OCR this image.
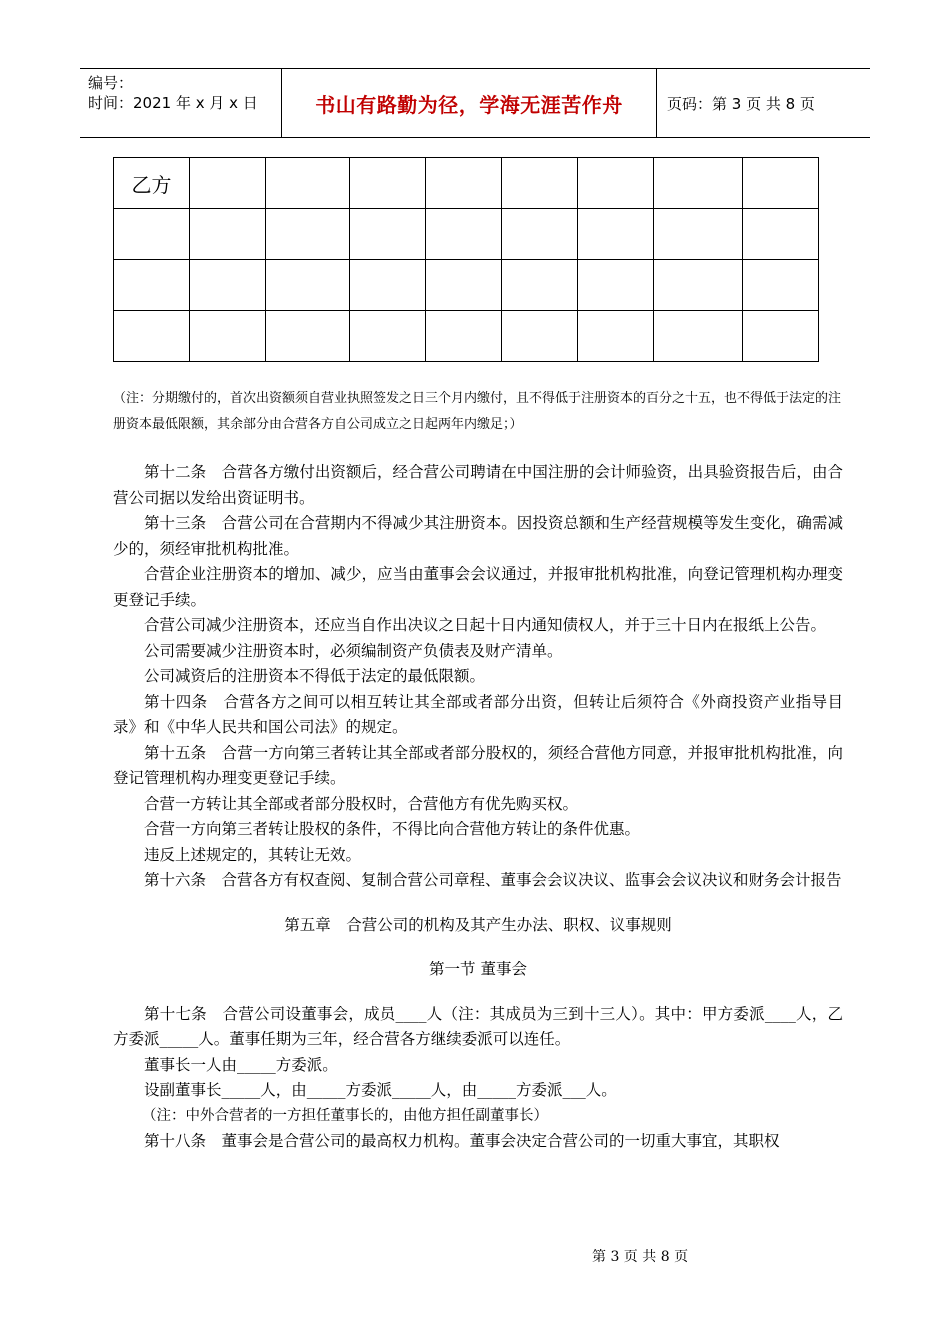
编号：
时间：2021 年 x 月 x 日	书山有路勤为径，学海无涯苦作舟	页码：第 3 页 共 8 页
乙方								

（注：分期缴付的，首次出资额须自营业执照签发之日三个月内缴付，且不得低于注册资本的百分之十五，也不得低于法定的注册资本最低限额，其余部分由合营各方自公司成立之日起两年内缴足；）

第十二条　合营各方缴付出资额后，经合营公司聘请在中国注册的会计师验资，出具验资报告后，由合营公司据以发给出资证明书。

第十三条　合营公司在合营期内不得减少其注册资本。因投资总额和生产经营规模等发生变化，确需减少的，须经审批机构批准。

合营企业注册资本的增加、减少，应当由董事会会议通过，并报审批机构批准，向登记管理机构办理变更登记手续。

合营公司减少注册资本，还应当自作出决议之日起十日内通知债权人，并于三十日内在报纸上公告。

公司需要减少注册资本时，必须编制资产负债表及财产清单。

公司减资后的注册资本不得低于法定的最低限额。

第十四条　合营各方之间可以相互转让其全部或者部分出资，但转让后须符合《外商投资产业指导目录》和《中华人民共和国公司法》的规定。

第十五条　合营一方向第三者转让其全部或者部分股权的，须经合营他方同意，并报审批机构批准，向登记管理机构办理变更登记手续。

合营一方转让其全部或者部分股权时，合营他方有优先购买权。

合营一方向第三者转让股权的条件，不得比向合营他方转让的条件优惠。

违反上述规定的，其转让无效。

第十六条　合营各方有权查阅、复制合营公司章程、董事会会议决议、监事会会议决议和财务会计报告

第五章　合营公司的机构及其产生办法、职权、议事规则

第一节 董事会

第十七条　合营公司设董事会，成员____人（注：其成员为三到十三人）。其中：甲方委派____人，乙方委派_____人。董事任期为三年，经合营各方继续委派可以连任。

董事长一人由_____方委派。

设副董事长_____人，由_____方委派_____人，由_____方委派___人。

（注：中外合营者的一方担任董事长的，由他方担任副董事长）

第十八条　董事会是合营公司的最高权力机构。董事会决定合营公司的一切重大事宜，其职权

第 3 页 共 8 页
